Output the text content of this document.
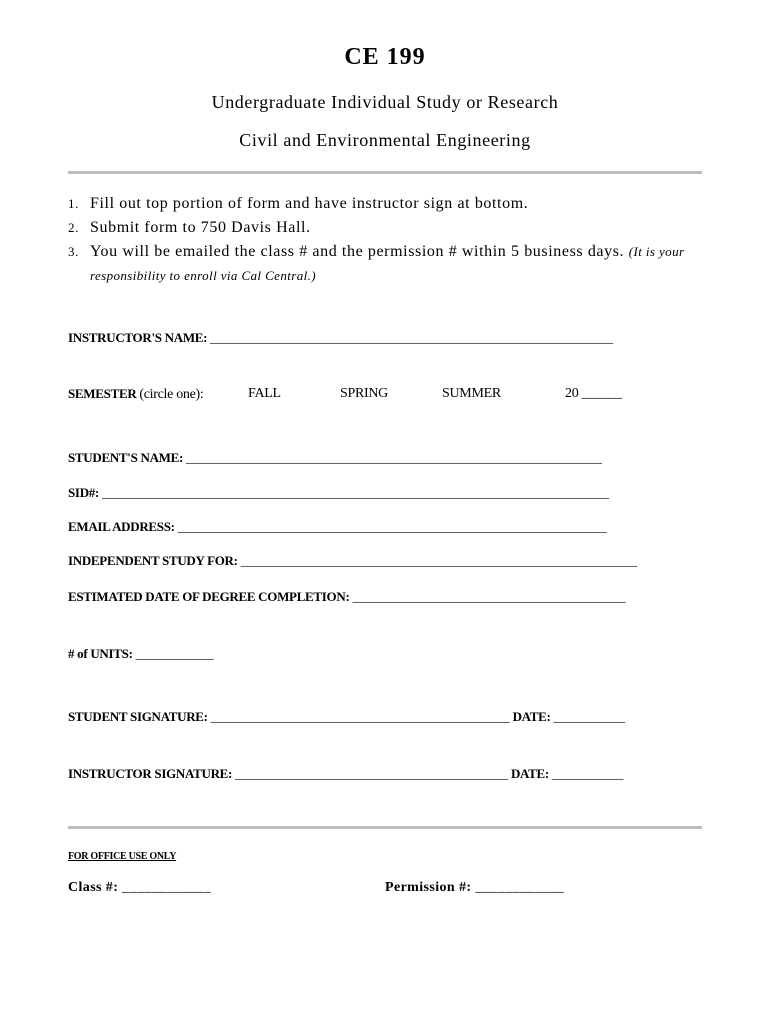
CE 199
Undergraduate Individual Study or Research
Civil and Environmental Engineering
1. Fill out top portion of form and have instructor sign at bottom.
2. Submit form to 750 Davis Hall.
3. You will be emailed the class # and the permission # within 5 business days. (It is your responsibility to enroll via Cal Central.)
INSTRUCTOR'S NAME: ______________________________________________________________
SEMESTER (circle one):	FALL	SPRING	SUMMER	20 ______
STUDENT'S NAME: ________________________________________________________________
SID#: ______________________________________________________________________________
EMAIL ADDRESS: __________________________________________________________________
INDEPENDENT STUDY FOR: _____________________________________________________________
ESTIMATED DATE OF DEGREE COMPLETION: __________________________________________
# of UNITS: ____________
STUDENT SIGNATURE: ______________________________________________ DATE: ___________
INSTRUCTOR SIGNATURE: __________________________________________ DATE: ___________
FOR OFFICE USE ONLY
Class #: ____________	Permission #: ____________
